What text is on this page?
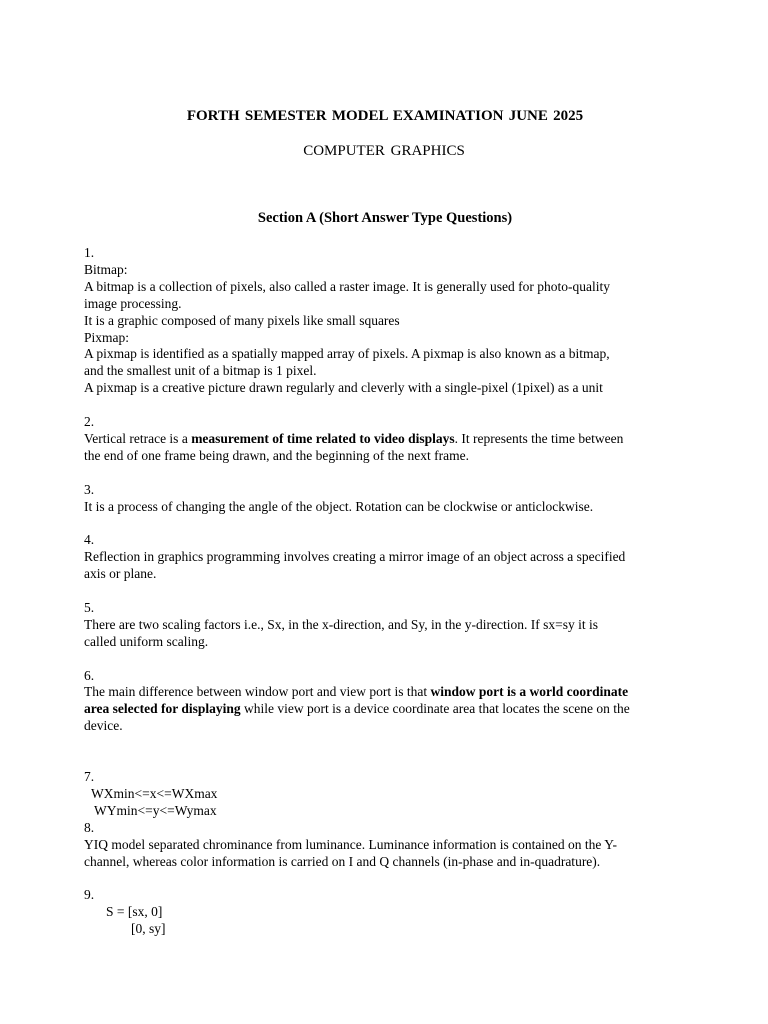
FORTH SEMESTER MODEL EXAMINATION JUNE 2025
COMPUTER GRAPHICS
Section A (Short Answer Type Questions)
1.
Bitmap:
A bitmap is a collection of pixels, also called a raster image. It is generally used for photo-quality
image processing.
It is a graphic composed of many pixels like small squares
Pixmap:
A pixmap is identified as a spatially mapped array of pixels. A pixmap is also known as a bitmap,
and the smallest unit of a bitmap is 1 pixel.
A pixmap is a creative picture drawn regularly and cleverly with a single-pixel (1pixel) as a unit
2.
Vertical retrace is a measurement of time related to video displays. It represents the time between
the end of one frame being drawn, and the beginning of the next frame.
3.
It is a process of changing the angle of the object. Rotation can be clockwise or anticlockwise.
4.
Reflection in graphics programming involves creating a mirror image of an object across a specified
axis or plane.
5.
There are two scaling factors i.e., Sx, in the x-direction, and Sy, in the y-direction. If sx=sy it is
called uniform scaling.
6.
The main difference between window port and view port is that window port is a world coordinate
area selected for displaying while view port is a device coordinate area that locates the scene on the
device.
7.
WXmin<=x<=WXmax
WYmin<=y<=Wymax
8.
YIQ model separated chrominance from luminance. Luminance information is contained on the Y-
channel, whereas color information is carried on I and Q channels (in-phase and in-quadrature).
9.
S = [sx, 0]
[0, sy]
